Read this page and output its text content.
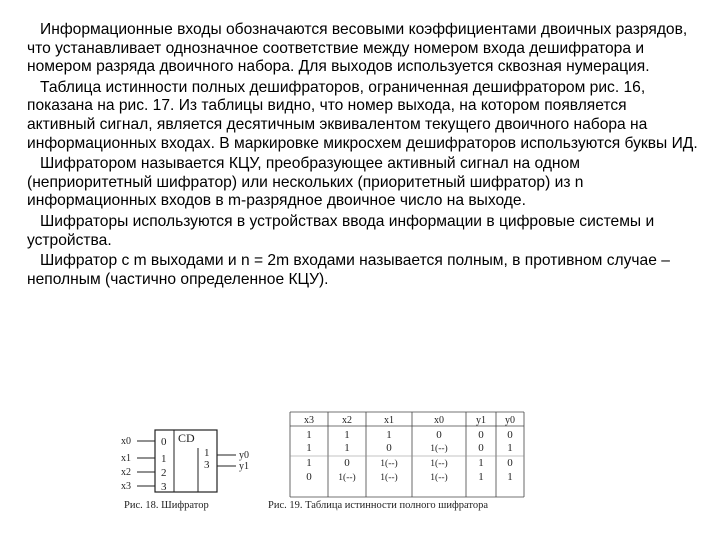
Информационные входы обозначаются весовыми коэффициентами двоичных разрядов, что устанавливает однозначное соответствие между номером входа дешифратора и номером разряда двоичного набора. Для выходов используется сквозная нумерация.

Таблица истинности полных дешифраторов, ограниченная дешифратором рис. 16, показана на рис. 17. Из таблицы видно, что номер выхода, на котором появляется активный сигнал, является десятичным эквивалентом текущего двоичного набора на информационных входах. В маркировке микросхем дешифраторов используются буквы ИД.

Шифратором называется КЦУ, преобразующее активный сигнал на одном (неприоритетный шифратор) или нескольких (приоритетный шифратор) из n информационных входов в m-разрядное двоичное число на выходе.

Шифраторы используются в устройствах ввода информации в цифровые системы и устройства.

Шифратор с m выходами и n = 2m входами называется полным, в противном случае – неполным (частично определенное КЦУ).

CD
x0
x1
x2
x3
0
1
2
3
1
3
y0
y1
Рис. 18. Шифратор
x3	x2	x1	x0	y1 y0
1	1	1	0	0 0
1	1	0	1(--)	0 1
1	0	1(--)	1(--)	1 0
0	1(--)	1(--)	1(--)	1 1
Рис. 19. Таблица истинности полного шифратора
